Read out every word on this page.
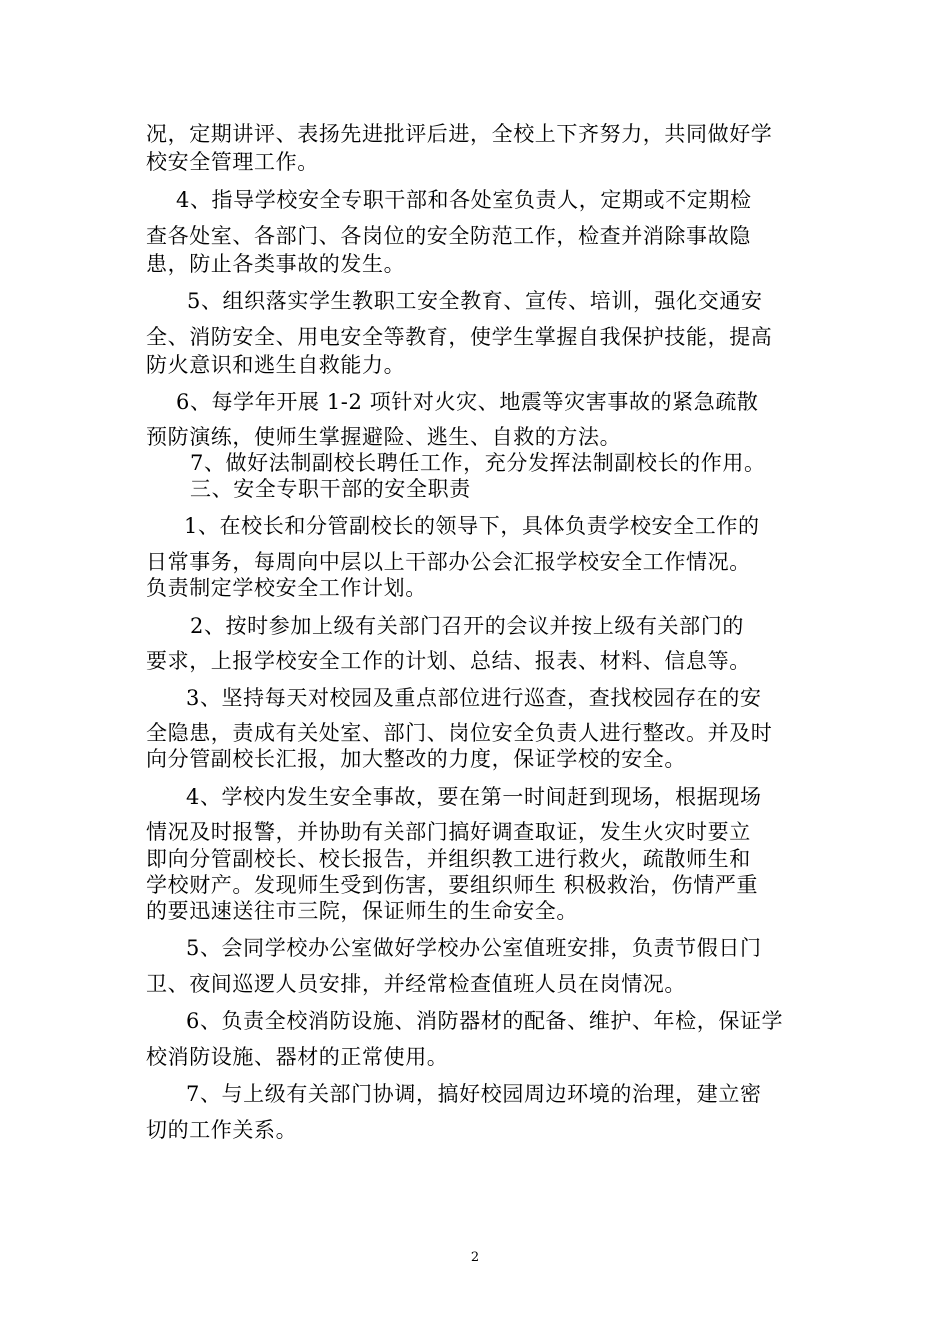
况，定期讲评、表扬先进批评后进，全校上下齐努力，共同做好学
校安全管理工作。
4、指导学校安全专职干部和各处室负责人，定期或不定期检
查各处室、各部门、各岗位的安全防范工作，检查并消除事故隐
患，防止各类事故的发生。
5、组织落实学生教职工安全教育、宣传、培训，强化交通安
全、消防安全、用电安全等教育，使学生掌握自我保护技能，提高
防火意识和逃生自救能力。
6、每学年开展 1-2 项针对火灾、地震等灾害事故的紧急疏散
预防演练，使师生掌握避险、逃生、自救的方法。
7、做好法制副校长聘任工作，充分发挥法制副校长的作用。
三、安全专职干部的安全职责
1、在校长和分管副校长的领导下，具体负责学校安全工作的
日常事务，每周向中层以上干部办公会汇报学校安全工作情况。
负责制定学校安全工作计划。
2、按时参加上级有关部门召开的会议并按上级有关部门的
要求，上报学校安全工作的计划、总结、报表、材料、信息等。
3、坚持每天对校园及重点部位进行巡查，查找校园存在的安
全隐患，责成有关处室、部门、岗位安全负责人进行整改。并及时
向分管副校长汇报，加大整改的力度，保证学校的安全。
4、学校内发生安全事故，要在第一时间赶到现场，根据现场
情况及时报警，并协助有关部门搞好调查取证，发生火灾时要立
即向分管副校长、校长报告，并组织教工进行救火，疏散师生和
学校财产。发现师生受到伤害，要组织师生 积极救治，伤情严重
的要迅速送往市三院，保证师生的生命安全。
5、会同学校办公室做好学校办公室值班安排，负责节假日门
卫、夜间巡逻人员安排，并经常检查值班人员在岗情况。
6、负责全校消防设施、消防器材的配备、维护、年检，保证学
校消防设施、器材的正常使用。
7、与上级有关部门协调，搞好校园周边环境的治理，建立密
切的工作关系。
2
